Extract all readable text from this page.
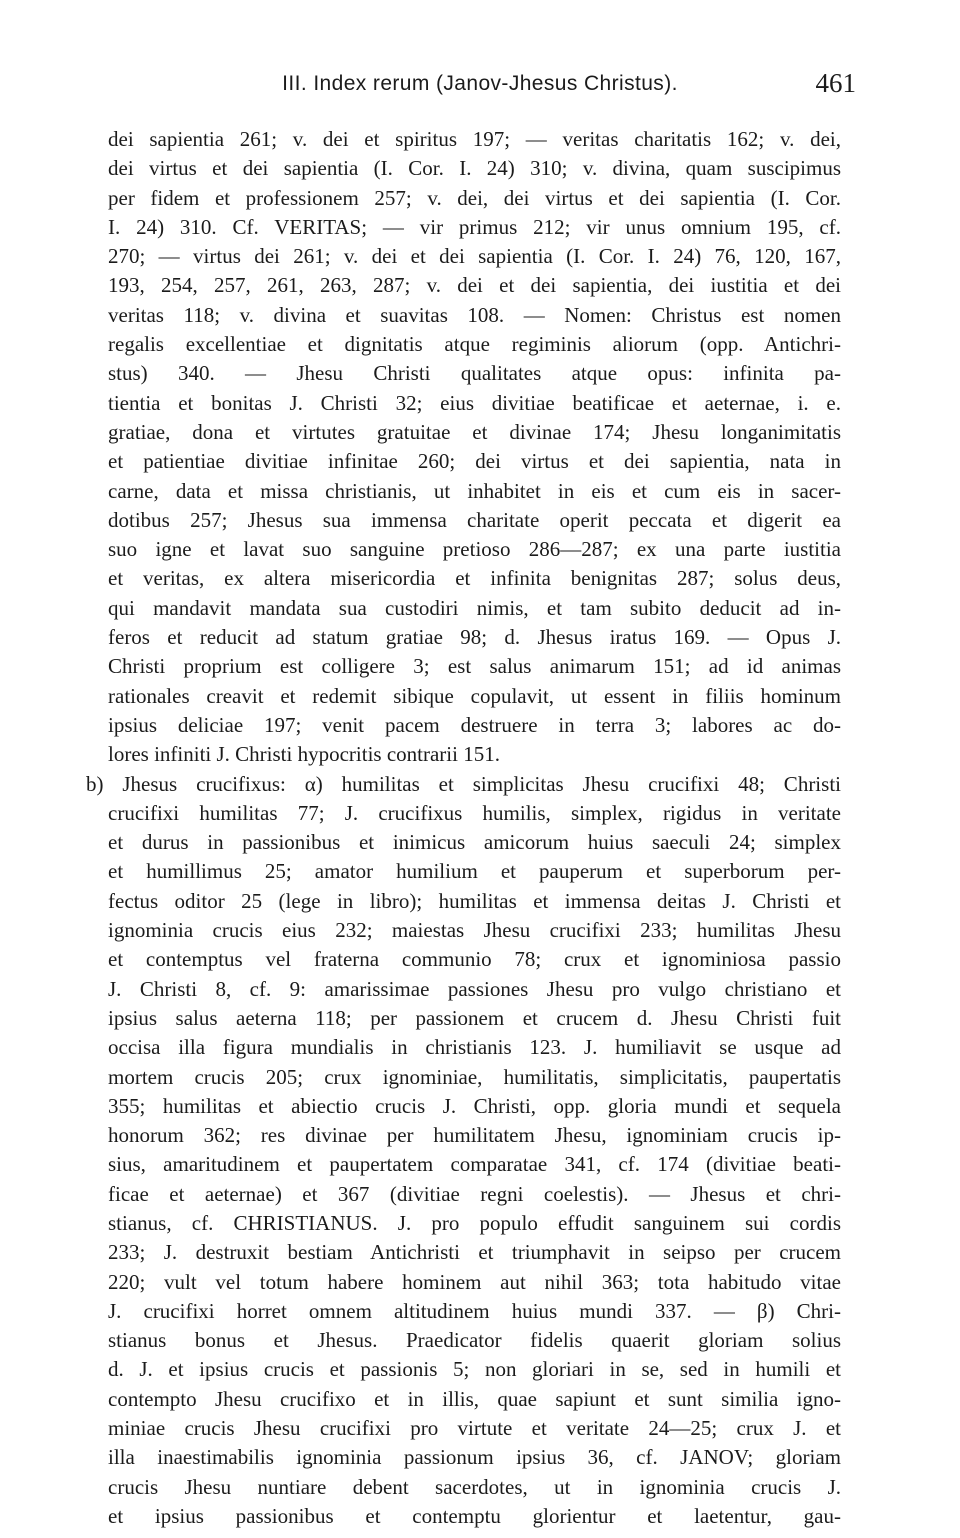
III. Index rerum (Janov-Jhesus Christus).	461
dei sapientia 261; v. dei et spiritus 197; — veritas charitatis 162; v. dei,
dei virtus et dei sapientia (I. Cor. I. 24) 310; v. divina, quam suscipimus
per fidem et professionem 257; v. dei, dei virtus et dei sapientia (I. Cor.
I. 24) 310. Cf. VERITAS; — vir primus 212; vir unus omnium 195, cf.
270; — virtus dei 261; v. dei et dei sapientia (I. Cor. I. 24) 76, 120, 167,
193, 254, 257, 261, 263, 287; v. dei et dei sapientia, dei iustitia et dei
veritas 118; v. divina et suavitas 108. — Nomen: Christus est nomen
regalis excellentiae et dignitatis atque regiminis aliorum (opp. Antichri-
stus) 340. — Jhesu Christi qualitates atque opus: infinita pa-
tientia et bonitas J. Christi 32; eius divitiae beatificae et aeternae, i. e.
gratiae, dona et virtutes gratuitae et divinae 174; Jhesu longanimitatis
et patientiae divitiae infinitae 260; dei virtus et dei sapientia, nata in
carne, data et missa christianis, ut inhabitet in eis et cum eis in sacer-
dotibus 257; Jhesus sua immensa charitate operit peccata et digerit ea
suo igne et lavat suo sanguine pretioso 286—287; ex una parte iustitia
et veritas, ex altera misericordia et infinita benignitas 287; solus deus,
qui mandavit mandata sua custodiri nimis, et tam subito deducit ad in-
feros et reducit ad statum gratiae 98; d. Jhesus iratus 169. — Opus J.
Christi proprium est colligere 3; est salus animarum 151; ad id animas
rationales creavit et redemit sibique copulavit, ut essent in filiis hominum
ipsius deliciae 197; venit pacem destruere in terra 3; labores ac do-
lores infiniti J. Christi hypocritis contrarii 151.
b) Jhesus crucifixus: α) humilitas et simplicitas Jhesu crucifixi 48; Christi
crucifixi humilitas 77; J. crucifixus humilis, simplex, rigidus in veritate
et durus in passionibus et inimicus amicorum huius saeculi 24; simplex
et humillimus 25; amator humilium et pauperum et superborum per-
fectus oditor 25 (lege in libro); humilitas et immensa deitas J. Christi et
ignominia crucis eius 232; maiestas Jhesu crucifixi 233; humilitas Jhesu
et contemptus vel fraterna communio 78; crux et ignominiosa passio
J. Christi 8, cf. 9: amarissimae passiones Jhesu pro vulgo christiano et
ipsius salus aeterna 118; per passionem et crucem d. Jhesu Christi fuit
occisa illa figura mundialis in christianis 123. J. humiliavit se usque ad
mortem crucis 205; crux ignominiae, humilitatis, simplicitatis, paupertatis
355; humilitas et abiectio crucis J. Christi, opp. gloria mundi et sequela
honorum 362; res divinae per humilitatem Jhesu, ignominiam crucis ip-
sius, amaritudinem et paupertatem comparatae 341, cf. 174 (divitiae beati-
ficae et aeternae) et 367 (divitiae regni coelestis). — Jhesus et chri-
stianus, cf. CHRISTIANUS. J. pro populo effudit sanguinem sui cordis
233; J. destruxit bestiam Antichristi et triumphavit in seipso per crucem
220; vult vel totum habere hominem aut nihil 363; tota habitudo vitae
J. crucifixi horret omnem altitudinem huius mundi 337. — β) Chri-
stianus bonus et Jhesus. Praedicator fidelis quaerit gloriam solius
d. J. et ipsius crucis et passionis 5; non gloriari in se, sed in humili et
contempto Jhesu crucifixo et in illis, quae sapiunt et sunt similia igno-
miniae crucis Jhesu crucifixi pro virtute et veritate 24—25; crux J. et
illa inaestimabilis ignominia passionum ipsius 36, cf. JANOV; gloriam
crucis Jhesu nuntiare debent sacerdotes, ut in ignominia crucis J.
et ipsius passionibus et contemptu glorientur et laetentur, gau-
